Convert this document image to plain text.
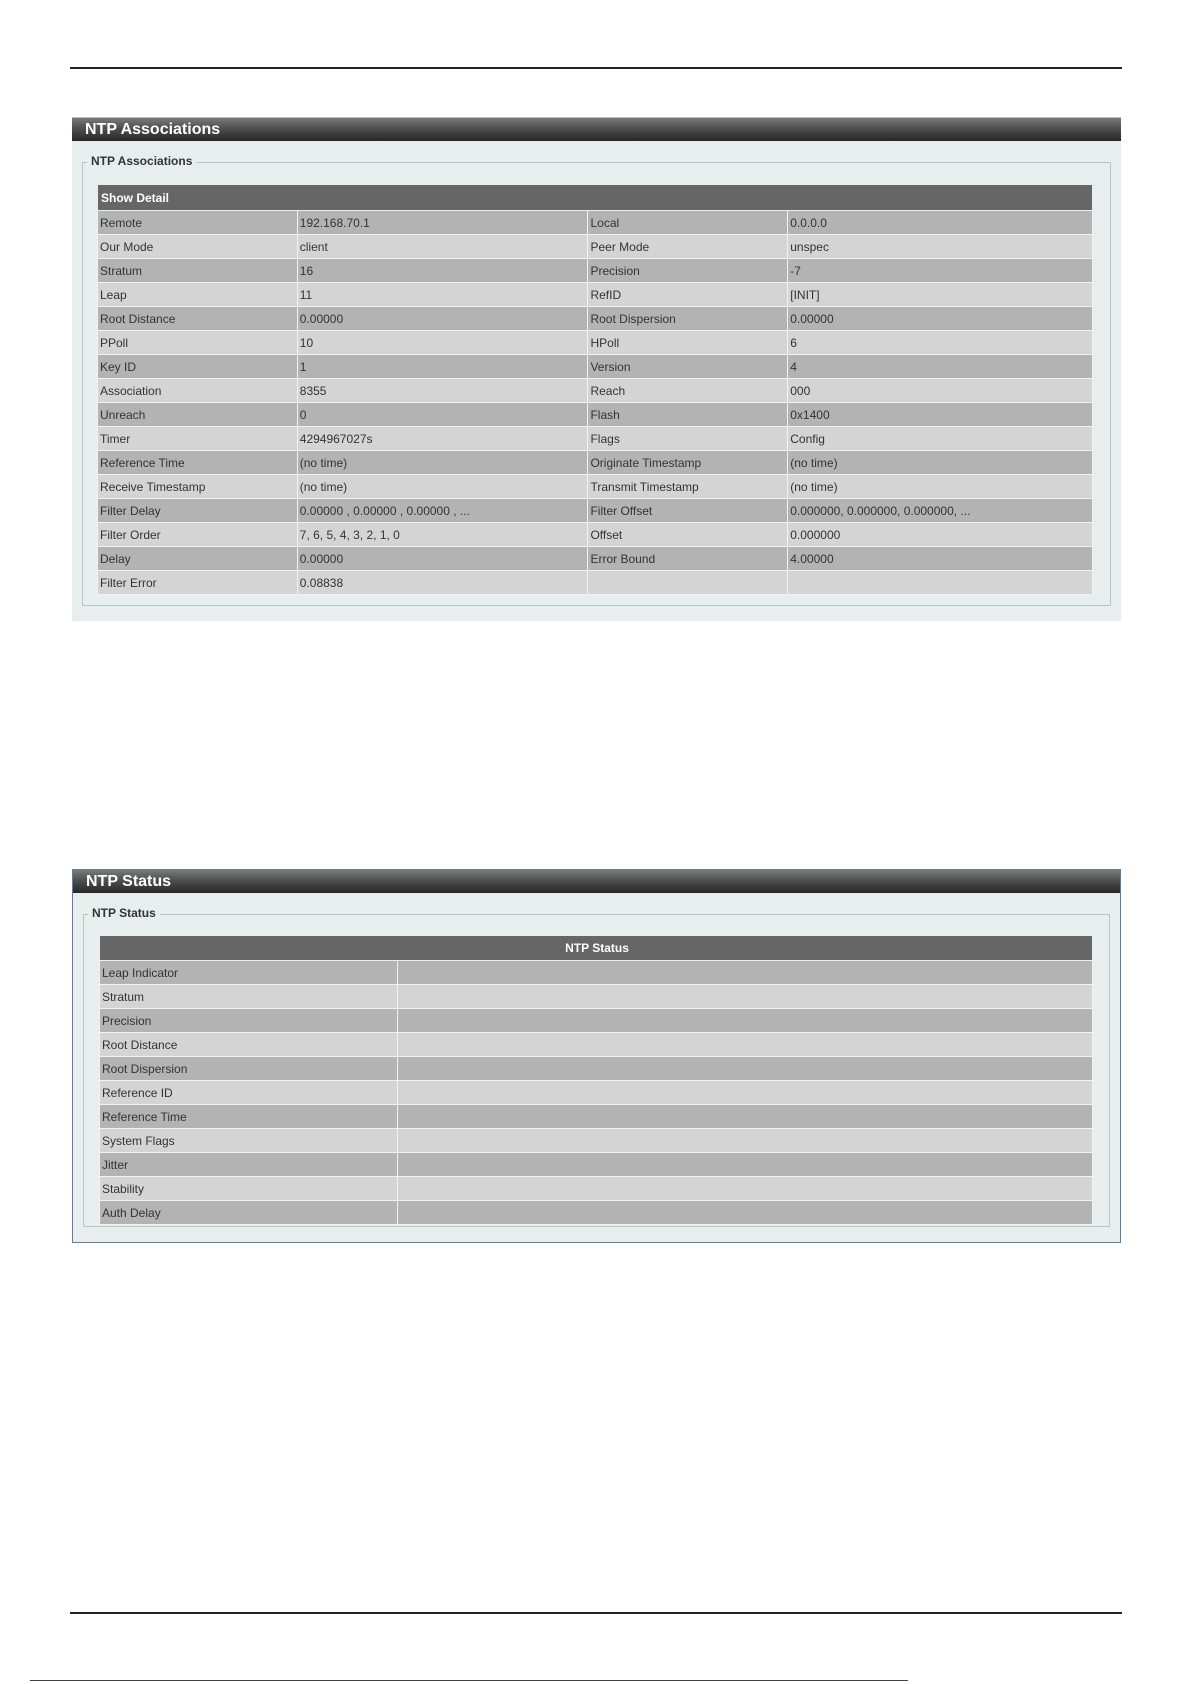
NTP Associations
NTP Associations
Show Detail			
Remote	192.168.70.1	Local	0.0.0.0
Our Mode	client	Peer Mode	unspec
Stratum	16	Precision	-7
Leap	11	RefID	[INIT]
Root Distance	0.00000	Root Dispersion	0.00000
PPoll	10	HPoll	6
Key ID	1	Version	4
Association	8355	Reach	000
Unreach	0	Flash	0x1400
Timer	4294967027s	Flags	Config
Reference Time	(no time)	Originate Timestamp	(no time)
Receive Timestamp	(no time)	Transmit Timestamp	(no time)
Filter Delay	0.00000 , 0.00000 , 0.00000 , ...	Filter Offset	0.000000, 0.000000, 0.000000, ...
Filter Order	7, 6, 5, 4, 3, 2, 1, 0	Offset	0.000000
Delay	0.00000	Error Bound	4.00000
Filter Error	0.08838		
NTP Status
NTP Status
NTP Status	
Leap Indicator	
Stratum	
Precision	
Root Distance	
Root Dispersion	
Reference ID	
Reference Time	
System Flags	
Jitter	
Stability	
Auth Delay	
